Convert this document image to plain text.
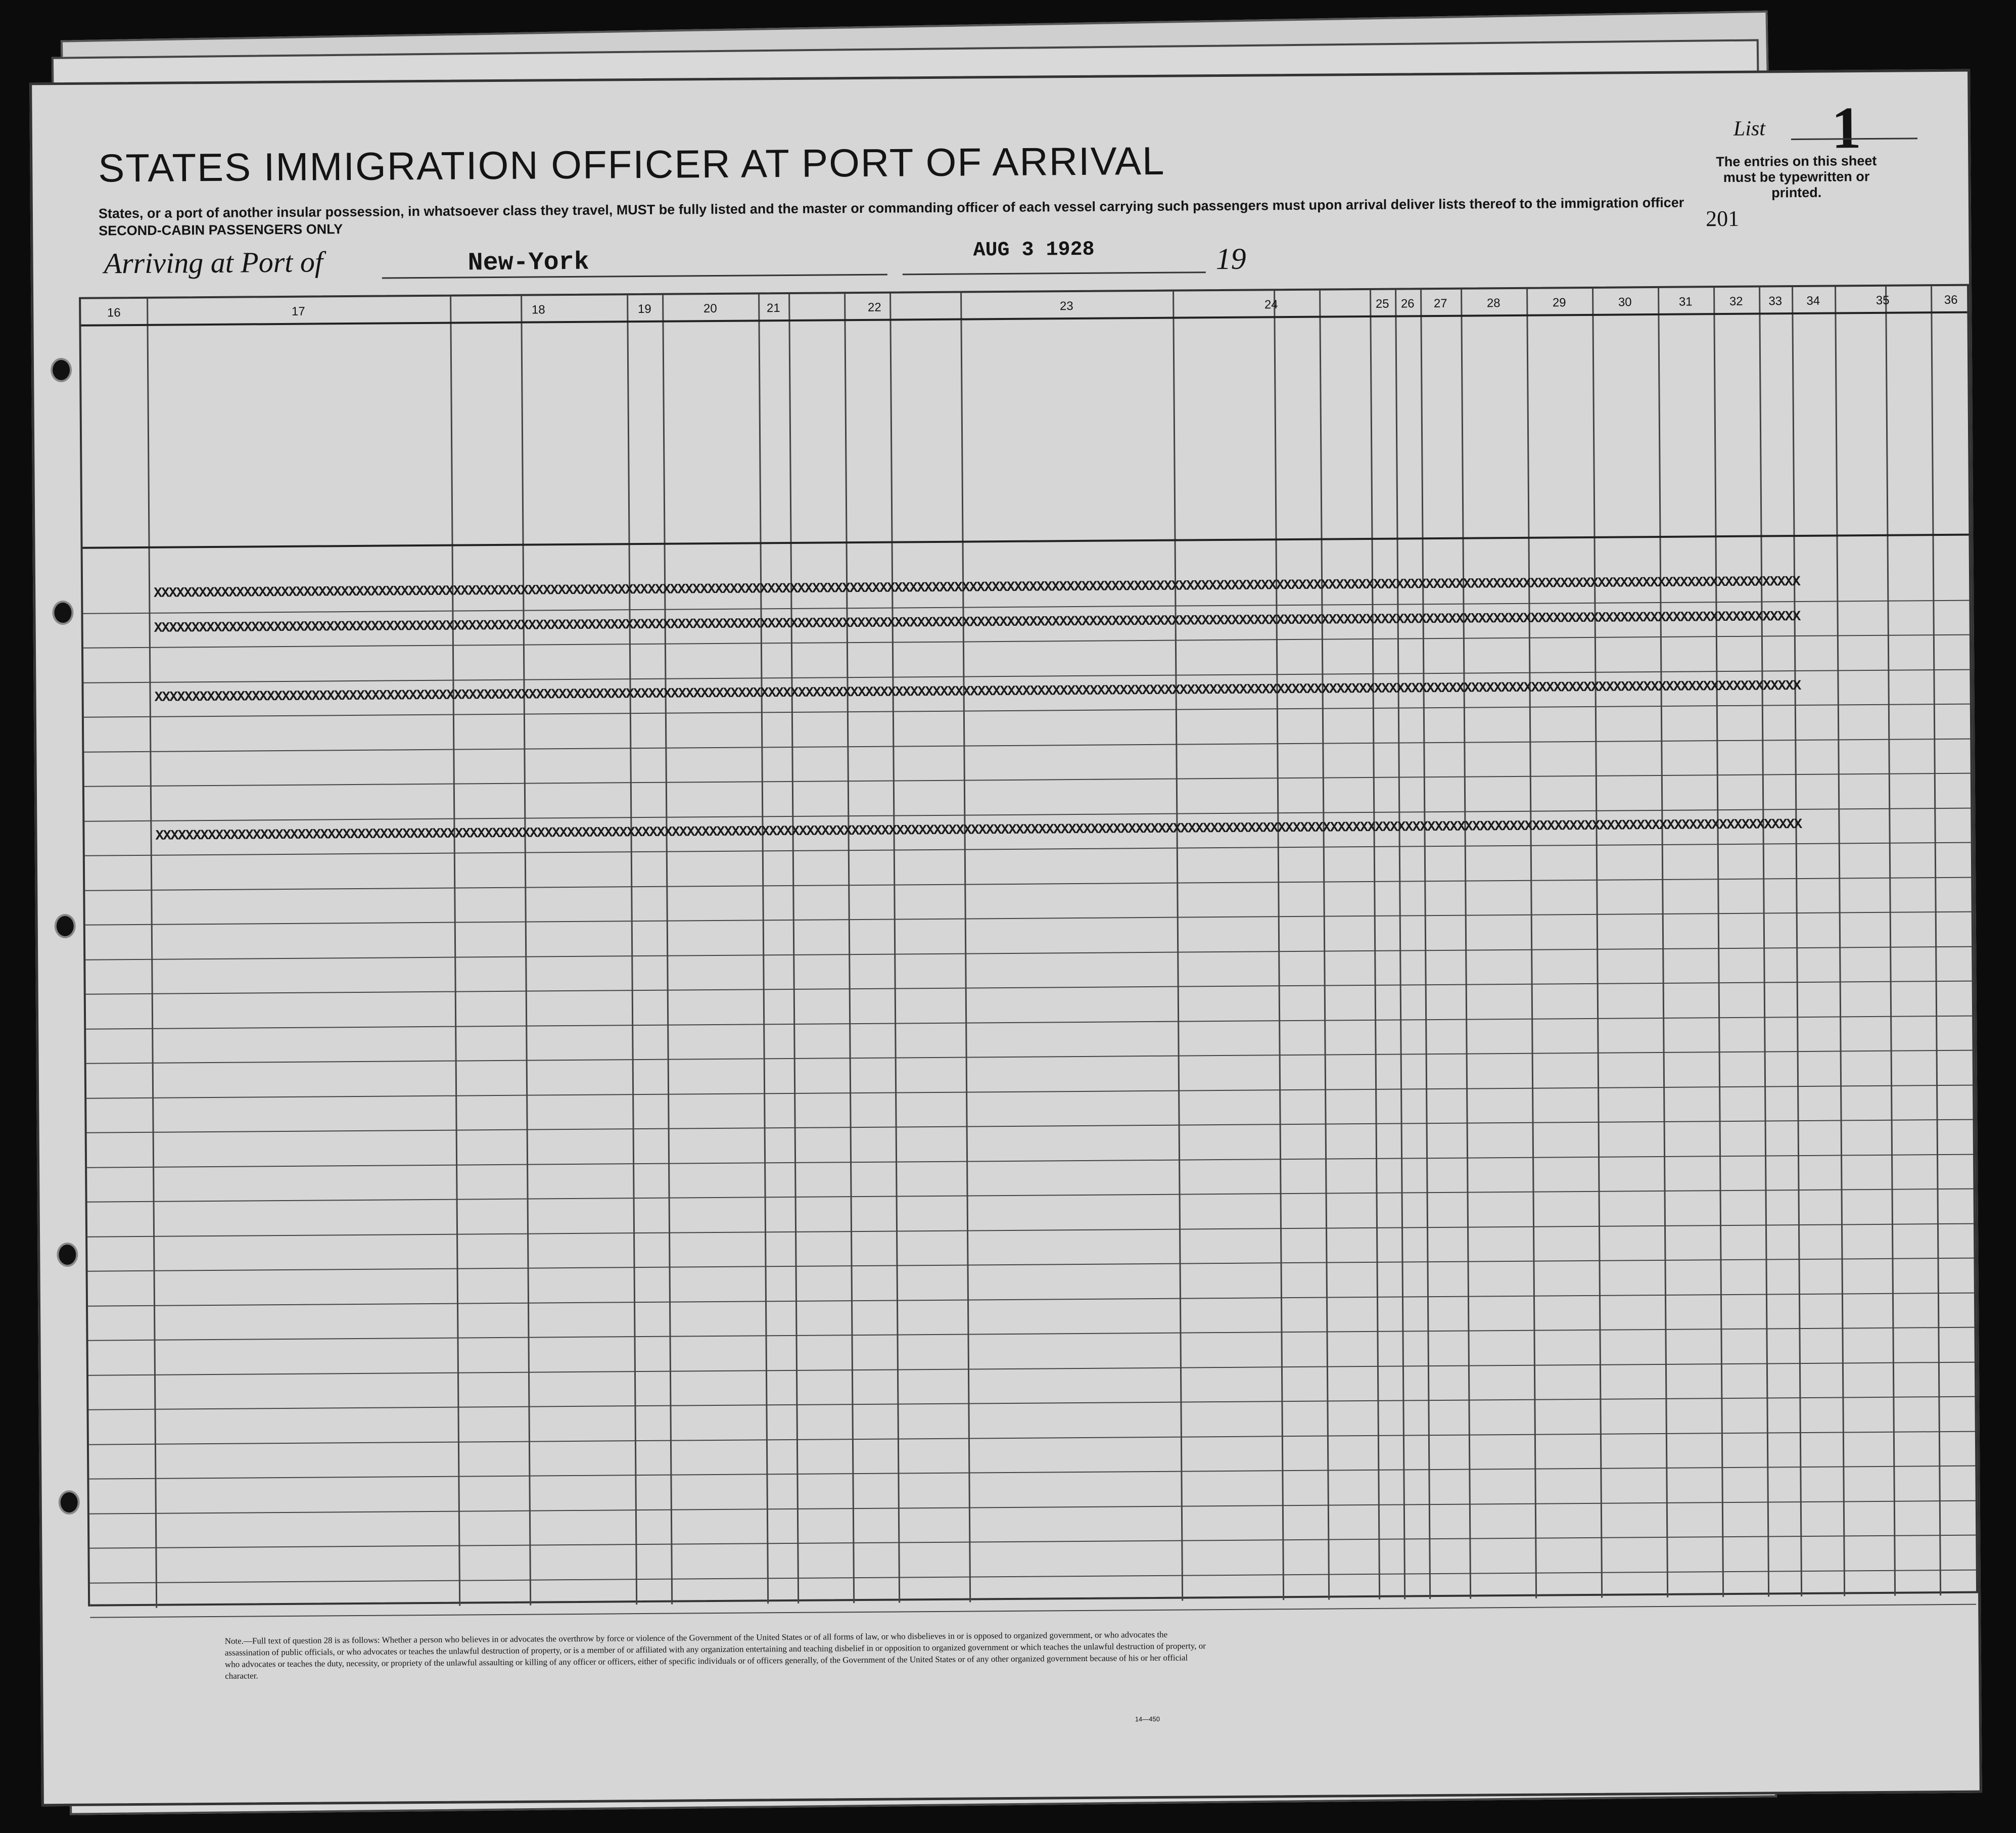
STATES IMMIGRATION OFFICER AT PORT OF ARRIVAL
States, or a port of another insular possession, in whatsoever class they travel, MUST be fully listed and the master or commanding officer of each vessel carrying such passengers must upon arrival deliver lists thereof to the immigration officer
SECOND-CABIN PASSENGERS ONLY
Arriving at Port of	New-York	AUG 3 1928	19
List 1
The entries on this sheet must be typewritten or printed.
201
16	17	18	19	20	21	22	23	24	25 26	27	28	29	30	31	32	33	34	35	36
XXXXXXXXXXXXXXXXXXXXXXXXXXXXXXXXXXXXXXXXXXXXXXXXXXXXXXXXXXXXXXXXXXXXXXXXXXXXXXXXXXXXXXXXXXXXXXXXXXXXXXXXXXXXXXXXXXXXXXXXXXXXXXXXXXXXXXXXXXXXXXXXXXXXXXXXXXXXXXXXXXXXXXXXXXXXXXXXXXXXXXXXXXXXXXXXXXXXXXXXXXXXXXXXXXXXXXXXXXXX
XXXXXXXXXXXXXXXXXXXXXXXXXXXXXXXXXXXXXXXXXXXXXXXXXXXXXXXXXXXXXXXXXXXXXXXXXXXXXXXXXXXXXXXXXXXXXXXXXXXXXXXXXXXXXXXXXXXXXXXXXXXXXXXXXXXXXXXXXXXXXXXXXXXXXXXXXXXXXXXXXXXXXXXXXXXXXXXXXXXXXXXXXXXXXXXXXXXXXXXXXXXXXXXXXXXXXXXXXXXX
XXXXXXXXXXXXXXXXXXXXXXXXXXXXXXXXXXXXXXXXXXXXXXXXXXXXXXXXXXXXXXXXXXXXXXXXXXXXXXXXXXXXXXXXXXXXXXXXXXXXXXXXXXXXXXXXXXXXXXXXXXXXXXXXXXXXXXXXXXXXXXXXXXXXXXXXXXXXXXXXXXXXXXXXXXXXXXXXXXXXXXXXXXXXXXXXXXXXXXXXXXXXXXXXXXXXXXXXXXXX
XXXXXXXXXXXXXXXXXXXXXXXXXXXXXXXXXXXXXXXXXXXXXXXXXXXXXXXXXXXXXXXXXXXXXXXXXXXXXXXXXXXXXXXXXXXXXXXXXXXXXXXXXXXXXXXXXXXXXXXXXXXXXXXXXXXXXXXXXXXXXXXXXXXXXXXXXXXXXXXXXXXXXXXXXXXXXXXXXXXXXXXXXXXXXXXXXXXXXXXXXXXXXXXXXXXXXXXXXXXX
Note.—Full text of question 28 is as follows: Whether a person who believes in or advocates the overthrow by force or violence of the Government of the United States or of all forms of law, or who disbelieves in or is opposed to organized government, or who advocates the assassination of public officials, or who advocates or teaches the unlawful destruction of property, or is a member of or affiliated with any organization entertaining and teaching disbelief in or opposition to organized government or which teaches the unlawful destruction of property, or who advocates or teaches the duty, necessity, or propriety of the unlawful assaulting or killing of any officer or officers, either of specific individuals or of officers generally, of the Government of the United States or of any other organized government because of his or her official character.
14—450
